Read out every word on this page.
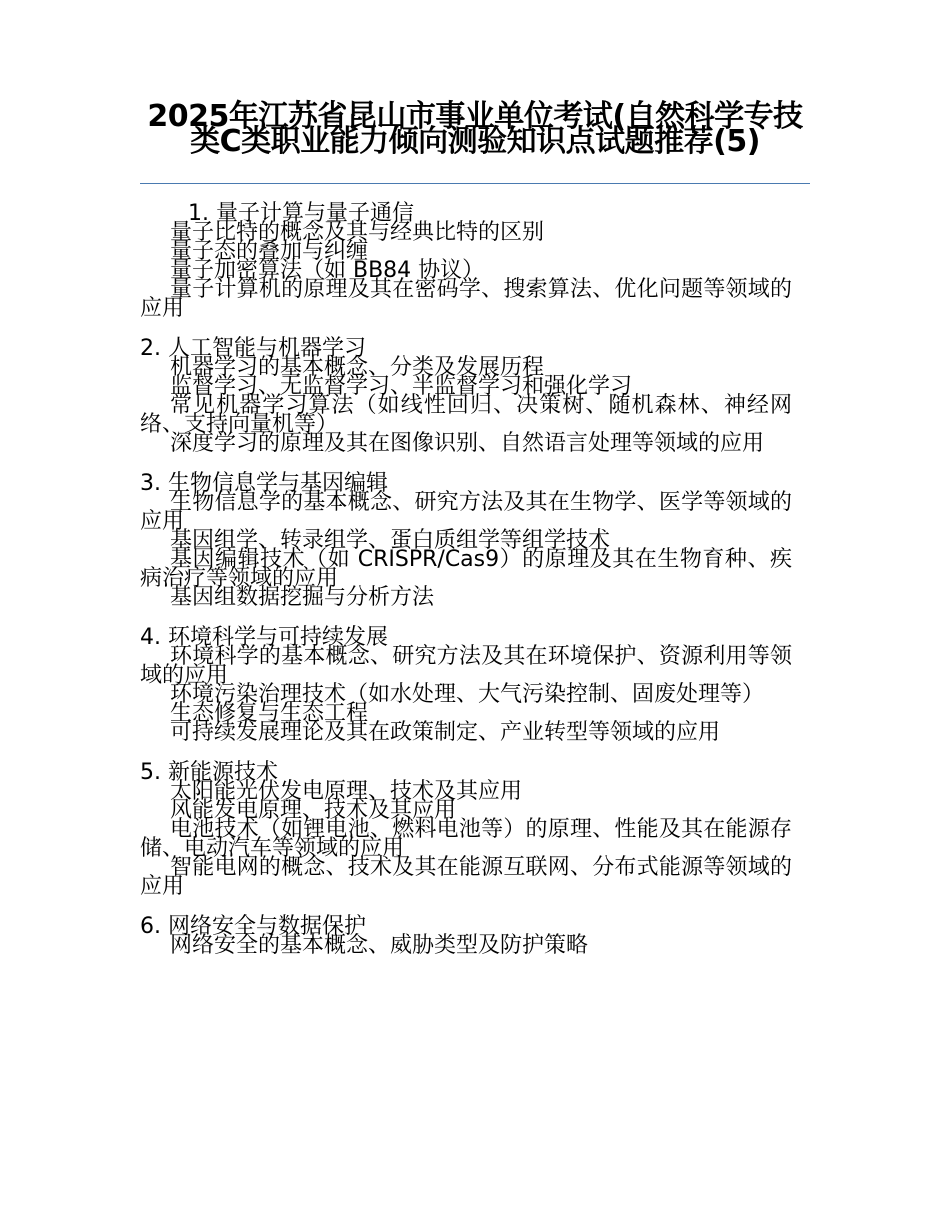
2025年江苏省昆山市事业单位考试(自然科学专技类C类职业能力倾向测验知识点试题推荐(5)

1. 量子计算与量子通信

量子比特的概念及其与经典比特的区别

量子态的叠加与纠缠

量子加密算法（如 BB84 协议）

量子计算机的原理及其在密码学、搜索算法、优化问题等领域的应用

2. 人工智能与机器学习

机器学习的基本概念、分类及发展历程

监督学习、无监督学习、半监督学习和强化学习

常见机器学习算法（如线性回归、决策树、随机森林、神经网络、支持向量机等）

深度学习的原理及其在图像识别、自然语言处理等领域的应用

3. 生物信息学与基因编辑

生物信息学的基本概念、研究方法及其在生物学、医学等领域的应用

基因组学、转录组学、蛋白质组学等组学技术

基因编辑技术（如 CRISPR/Cas9）的原理及其在生物育种、疾病治疗等领域的应用

基因组数据挖掘与分析方法

4. 环境科学与可持续发展

环境科学的基本概念、研究方法及其在环境保护、资源利用等领域的应用

环境污染治理技术（如水处理、大气污染控制、固废处理等）

生态修复与生态工程

可持续发展理论及其在政策制定、产业转型等领域的应用

5. 新能源技术

太阳能光伏发电原理、技术及其应用

风能发电原理、技术及其应用

电池技术（如锂电池、燃料电池等）的原理、性能及其在能源存储、电动汽车等领域的应用

智能电网的概念、技术及其在能源互联网、分布式能源等领域的应用

6. 网络安全与数据保护

网络安全的基本概念、威胁类型及防护策略
